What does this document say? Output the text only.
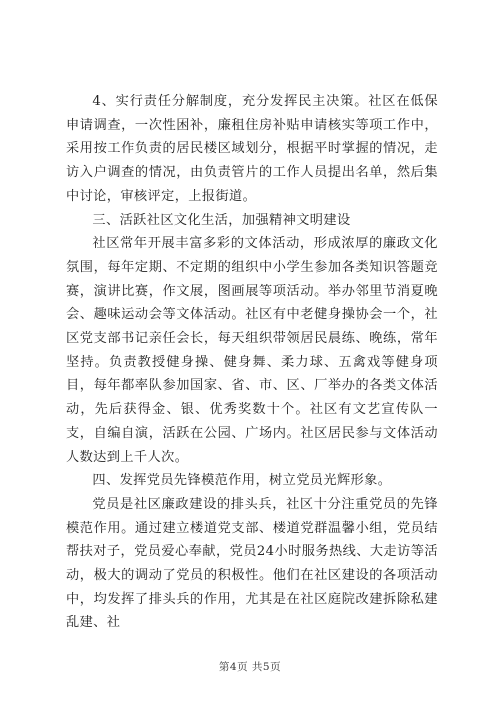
4、实行责任分解制度，充分发挥民主决策。社区在低保申请调查，一次性困补，廉租住房补贴申请核实等项工作中，采用按工作负责的居民楼区域划分，根据平时掌握的情况，走访入户调查的情况，由负责管片的工作人员提出名单，然后集中讨论，审核评定，上报街道。

三、活跃社区文化生活，加强精神文明建设

社区常年开展丰富多彩的文体活动，形成浓厚的廉政文化氛围，每年定期、不定期的组织中小学生参加各类知识答题竞赛，演讲比赛，作文展，图画展等项活动。举办邻里节消夏晚会、趣味运动会等文体活动。社区有中老健身操协会一个，社区党支部书记亲任会长，每天组织带领居民晨练、晚练，常年坚持。负责教授健身操、健身舞、柔力球、五禽戏等健身项目，每年都率队参加国家、省、市、区、厂举办的各类文体活动，先后获得金、银、优秀奖数十个。社区有文艺宣传队一支，自编自演，活跃在公园、广场内。社区居民参与文体活动人数达到上千人次。

四、发挥党员先锋模范作用，树立党员光辉形象。

党员是社区廉政建设的排头兵，社区十分注重党员的先锋模范作用。通过建立楼道党支部、楼道党群温馨小组，党员结帮扶对子，党员爱心奉献，党员24小时服务热线、大走访等活动，极大的调动了党员的积极性。他们在社区建设的各项活动中，均发挥了排头兵的作用，尤其是在社区庭院改建拆除私建乱建、社

第4页 共5页
